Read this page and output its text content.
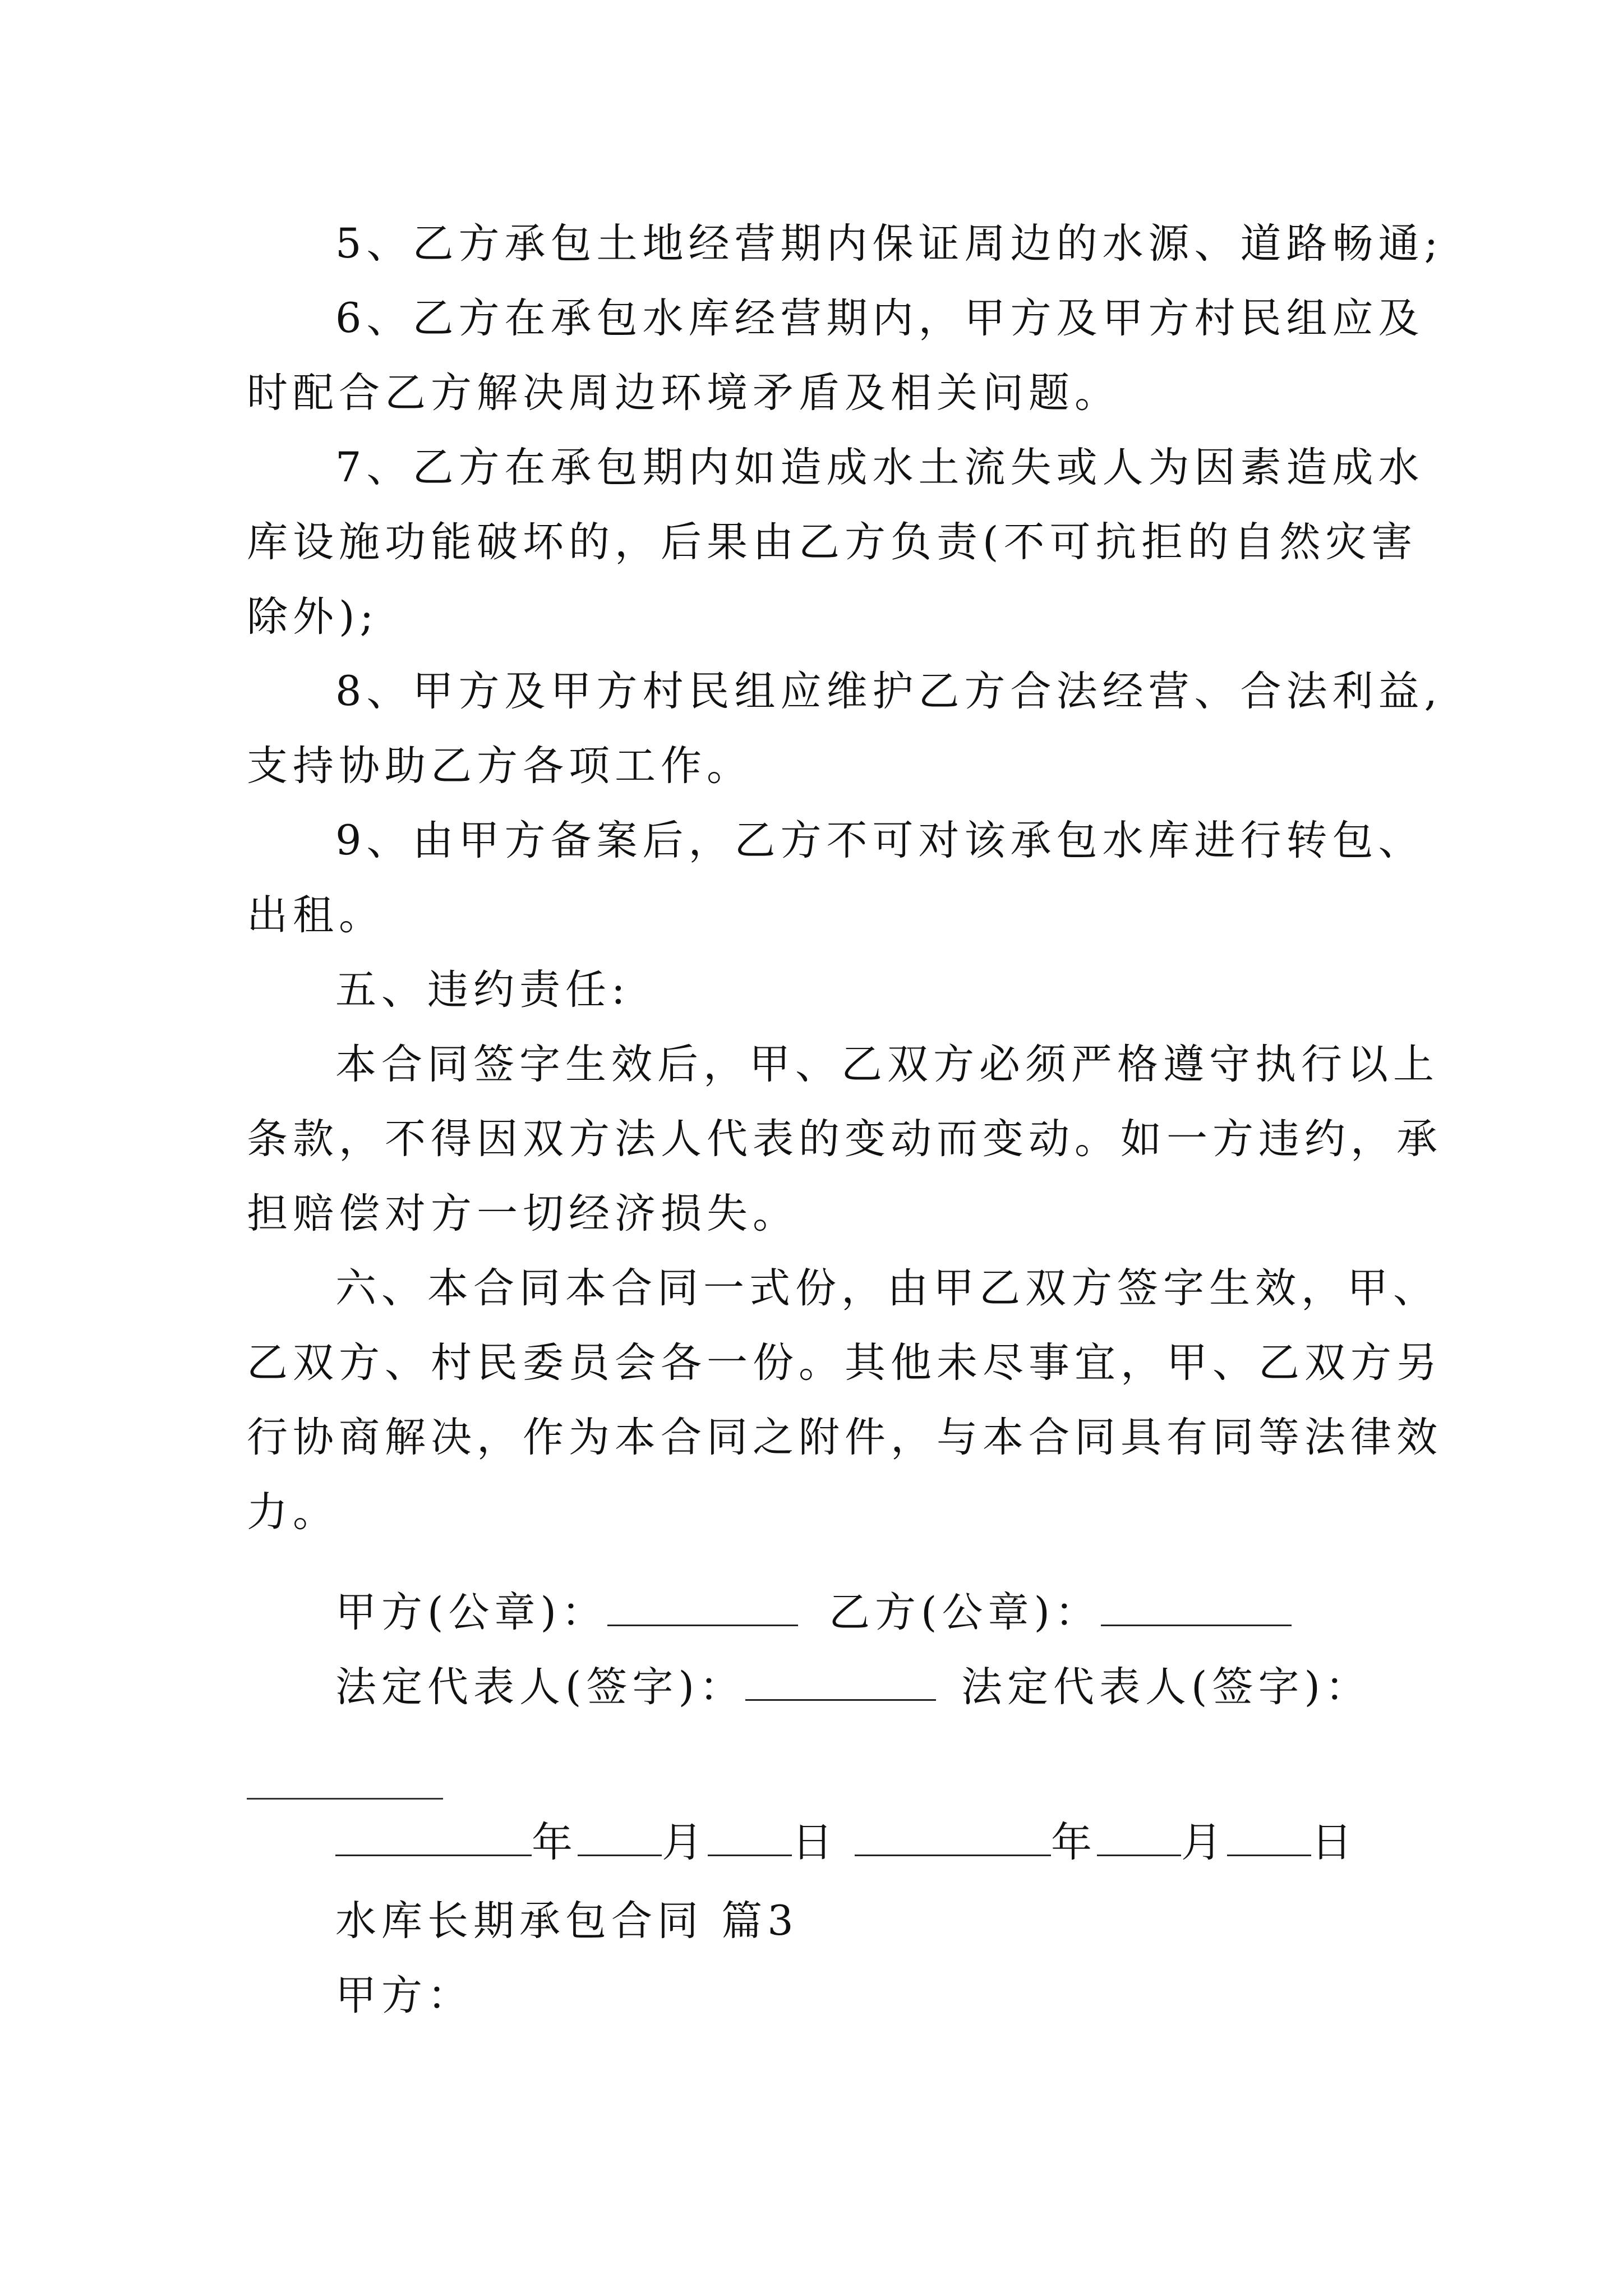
5、乙方承包土地经营期内保证周边的水源、道路畅通;
6、乙方在承包水库经营期内，甲方及甲方村民组应及
时配合乙方解决周边环境矛盾及相关问题。
7、乙方在承包期内如造成水土流失或人为因素造成水
库设施功能破坏的，后果由乙方负责(不可抗拒的自然灾害
除外);
8、甲方及甲方村民组应维护乙方合法经营、合法利益,
支持协助乙方各项工作。
9、由甲方备案后，乙方不可对该承包水库进行转包、
出租。
五、违约责任:
本合同签字生效后，甲、乙双方必须严格遵守执行以上
条款，不得因双方法人代表的变动而变动。如一方违约，承
担赔偿对方一切经济损失。
六、本合同本合同一式份，由甲乙双方签字生效，甲、
乙双方、村民委员会各一份。其他未尽事宜，甲、乙双方另
行协商解决，作为本合同之附件，与本合同具有同等法律效
力。
甲方(公章)：	乙方(公章)：
法定代表人(签字)：	法定代表人(签字)：
年 月 日	年 月 日
水库长期承包合同 篇3
甲方：
